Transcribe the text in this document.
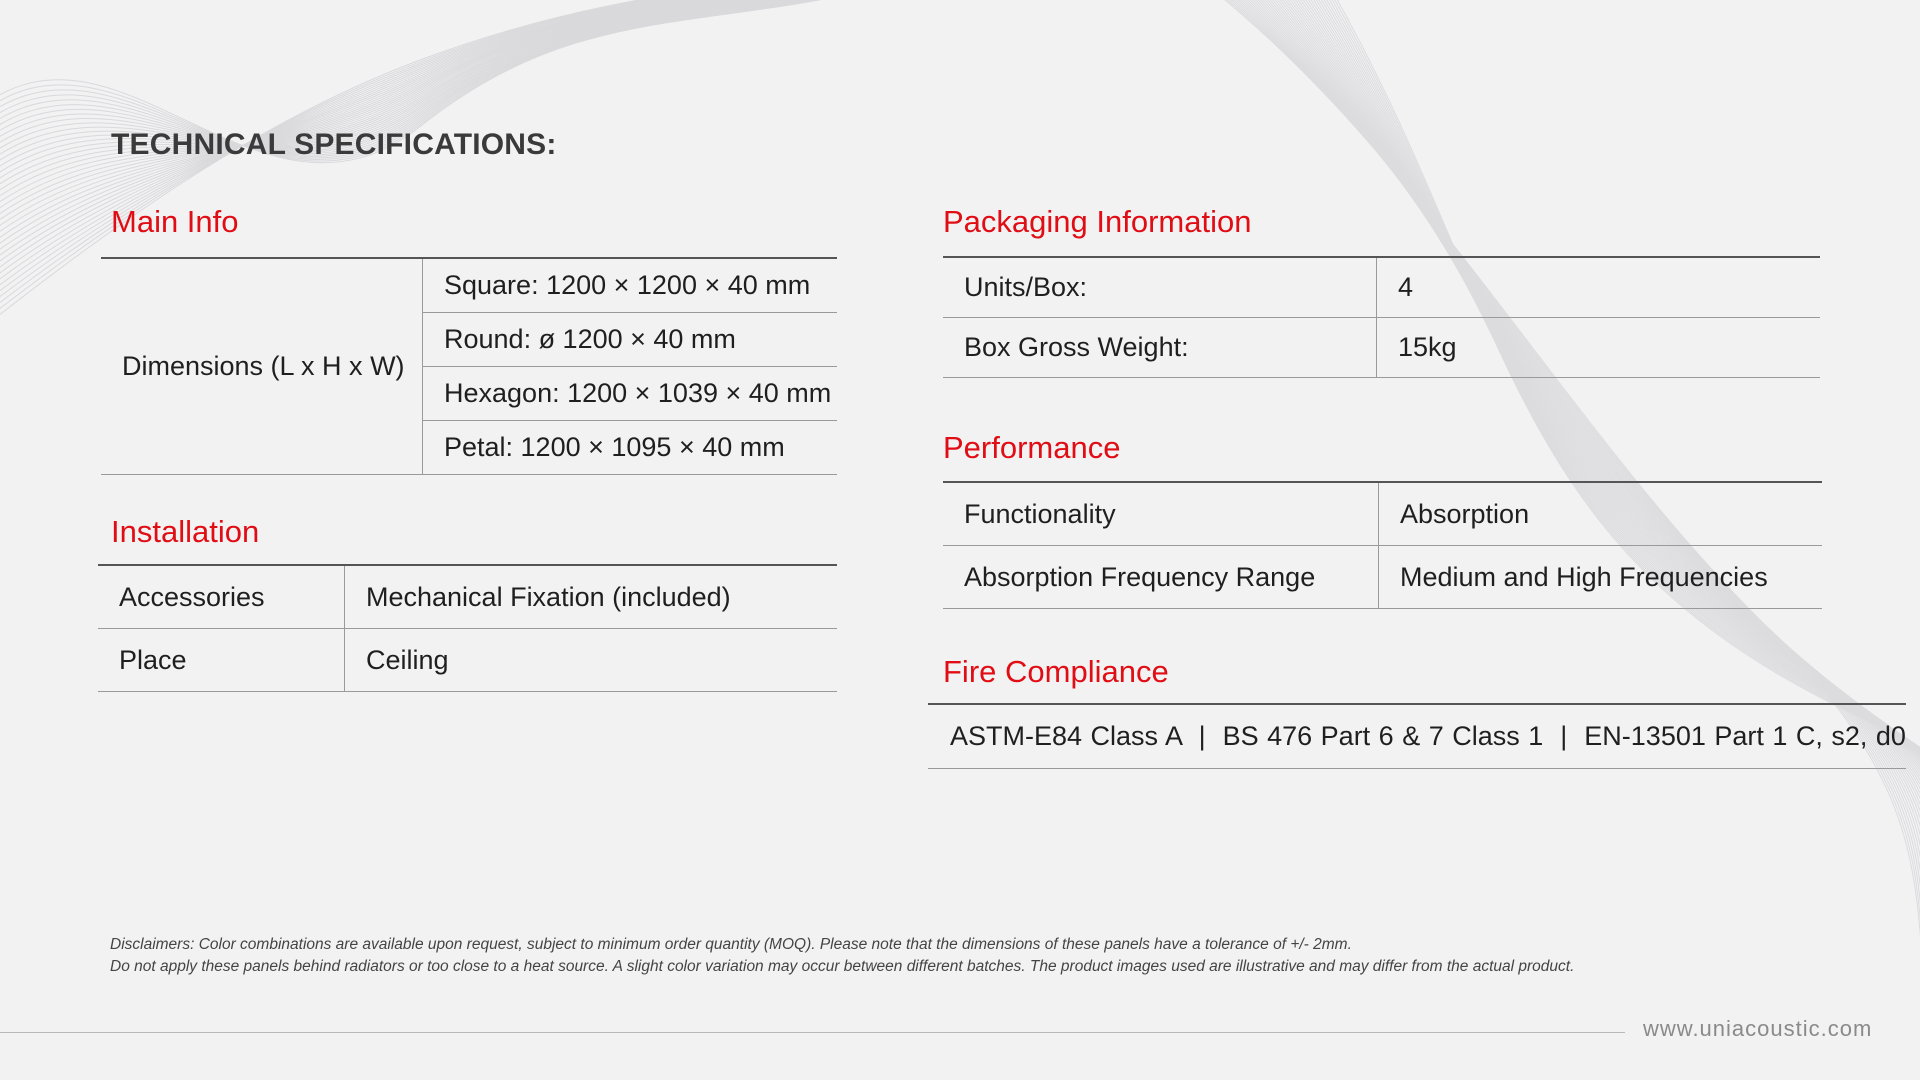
TECHNICAL SPECIFICATIONS:
Main Info
Dimensions (L x H x W)	Square: 1200 × 1200 × 40 mm
Round: ø 1200 × 40 mm
Hexagon: 1200 × 1039 × 40 mm
Petal: 1200 × 1095 × 40 mm
Installation
Accessories	Mechanical Fixation (included)
Place	Ceiling
Packaging Information
Units/Box:	4
Box Gross Weight:	15kg
Performance
Functionality	Absorption
Absorption Frequency Range	Medium and High Frequencies
Fire Compliance
ASTM-E84 Class A  |  BS 476 Part 6 & 7 Class 1  |  EN-13501 Part 1 C, s2, d0
Disclaimers: Color combinations are available upon request, subject to minimum order quantity (MOQ). Please note that the dimensions of these panels have a tolerance of +/- 2mm.
Do not apply these panels behind radiators or too close to a heat source. A slight color variation may occur between different batches. The product images used are illustrative and may differ from the actual product.
www.uniacoustic.com
